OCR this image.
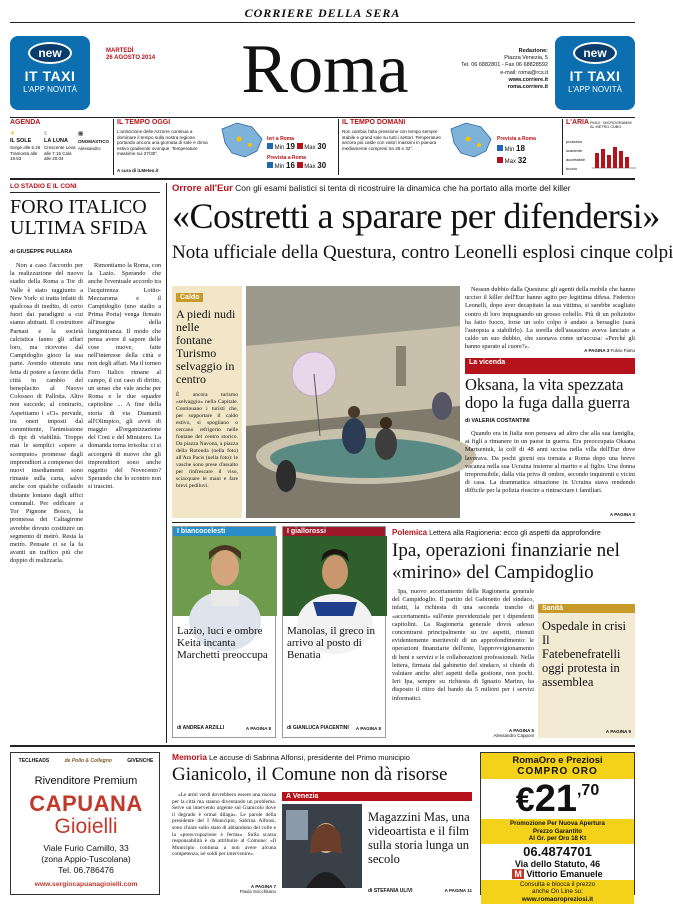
CORRIERE DELLA SERA
new
IT TAXI
L'APP NOVITÀ
new
IT TAXI
L'APP NOVITÀ
MARTEDÌ
26 AGOSTO 2014	Roma	Redazione:
Piazza Venezia, 5
Tel. 06 6882801 - Fax 06 68828592
e-mail: roma@rcs.it
www.corriere.it
roma.corriere.it
AGENDA
☀
IL SOLE
Sorge alle 6.26 Tramonta alle 19.53
☾
LA LUNA
Crescente Leva alle 7.16 Cala alle 20.04
▦
ONOMASTICO
Alessandro
IL TEMPO OGGI
L'anticiclone delle Azzorre continua a dominare il tempo sulla nostra regione portando ancora una giornata di sole e clima estivo gradevole ovunque. Temperature massime sui 27/30°.
A cura di iLMeteo.it
Ieri a Roma
Min 19 Max 30
Prevista a Roma
Min 16 Max 30
IL TEMPO DOMANI
Non cambia l'alta pressione con tempo sempre stabile e grand sole su tutti i settori. Temperature ancora più calde con valori massimi in pianura mediamente compresi tra 28 e 32°.
Prevista a Roma
Min 18
Max 32
L'ARIA PM10 · MICROGRAMMI AL METRO CUBO
prossimo scadente
accettabile
buono
LO STADIO E IL CONI
FORO ITALICO ULTIMA SFIDA
di GIUSEPPE PULLARA

Non a caso l'accordo per la realizzazione del nuovo stadio della Roma a Tor di Valle è stato raggiunto a New York: si tratta infatti di qualcosa di inedito, di certo fuori dai paradigmi a cui siamo abituati. Il costruttore Parnasi e la società calcistica fanno gli affari loro, ma ricevono dal Campidoglio gioco la sua parte. Avendo ottenuto una fetta di potere a favore della città in cambio del beneplacito al Nuovo Colosseo di Pallotta. Altro non succede; al contrario, Aspettiamo i «Ci» pervade, tra oneri imposti dal committente, l'ammissione di tipi di viabilità. Troppo mai le semplici «opere a scomputo» promesse dagli imprenditori a compenso dei nuovi insediamenti sono rimaste sulla carta, salvo anche con qualche collaudo distante lontano dagli uffici comunali. Per edificare a Tor Pignone Bosco, la promessa dei Caltagirone avrebbe dovuto costituire un segmento di metrò. Resta la metro. Pensate ci se la fa avanti un traffico più che doppio di realizzarla.

Rimontiamo la Roma, con la Lazio. Sperando che anche l'eventuale accordo tra l'acquirenza Lotito-Mezzaroma e il Campidoglio (uno stadio a Prima Porta) venga firmato all'insegna della lungimiranza. Il modo che pensa avere il sapore delle cose nuove, fatte nell'interesse della città e non degli affari. Ma il torneo Foro Italico rimane al campo, il cui caso di diritto, un senso che vale anche per Roma e le due squadre capitoline ... A fine della storia di via Diamanti all'Olimpico, gli avvii di maggio all'organizzazione del Coni e del Ministero. La domanda torna irrisolta: ci si accorgerà di nuovo che gli imprenditori sono anche oggetto del Novecento? Sperando che lo scontro non si trascini.

Orrore all'Eur Con gli esami balistici si tenta di ricostruire la dinamica che ha portato alla morte del killer
«Costretti a sparare per difendersi»
Nota ufficiale della Questura, contro Leonelli esplosi cinque colpi
Caldo
A piedi nudi nelle fontane Turismo selvaggio in centro
È ancora turismo «selvaggio» nella Capitale. Continuano i turisti che, per sopportare il caldo estivo, si spogliano o cercano refrigerio nelle fontane del centro storico. Da piazza Navona, a piazza della Rotonda (nella foto) all'Ara Pacis (nella foto): le vasche sono prese d'assalto per rinfrescare il viso, sciacquare le mani e fare brevi pediluvi.

Nessun dubbio dalla Questura: gli agenti della mobile che hanno ucciso il killer dell'Eur hanno agito per legittima difesa. Federico Leonelli, dopo aver decapitato la sua vittima, si sarebbe scagliato contro di loro impugnando un grosso coltello. Più di un poliziotto ha fatto fuoco, forse un solo colpo è andato a bersaglio (sarà l'autopsia a stabilirlo). La sorella dell'assassino aveva lanciato a caldo un suo dubbio, che suonava come un'accusa: «Perché gli hanno sparato al cuore?».

A PAGINA 3 Fulvio Fiano
La vicenda
Oksana, la vita spezzata dopo la fuga dalla guerra
di VALERIA COSTANTINI

Quando era in Italia non pensava ad altro che alla sua famiglia, ai figli a rimanere in un paese in guerra. Era preoccupata Oksana Martseniuk, la colf di 48 anni uccisa nella villa dell'Eur dove lavorava. Da pochi giorni era tornata a Roma dopo una breve vacanza nella sua Ucraina insieme al marito e al figlio. Una donna irreprensibile, dalla vita priva di ombre, secondo inquirenti e vicini di casa. La drammatica situazione in Ucraina stava rendendo difficile per la polizia riuscire a rintracciare i familiari.

A PAGINA 3
I biancocelesti
Lazio, luci e ombre Keita incanta Marchetti preoccupa
di ANDREA ARZILLI	A PAGINA 8
I giallorossi
Manolas, il greco in arrivo al posto di Benatia
di GIANLUCA PIACENTINI A PAGINA 8
Polemica Lettera alla Ragioneria: ecco gli aspetti da approfondire
Ipa, operazioni finanziarie nel «mirino» del Campidoglio

Ipa, nuovo accertamento della Ragioneria generale del Campidoglio. Il partito del Gabinetto del sindaco, infatti, la richiesta di una seconda tranche di «accertamenti» sull'ente previdenziale per i dipendenti capitolini. La Ragioneria generale dovrà adesso concentrarsi principalmente su tre aspetti, ritenuti evidentemente meritevoli di un approfondimento: le operazioni finanziarie dell'ente, l'approvvigionamento di beni e servizi e le collaborazioni professionali. Nella lettera, firmata dal gabinetto del sindaco, si chiede di valutare anche altri aspetti della gestione, non pochi. Ieri Ipa, sempre su richiesta di Ignazio Marino, ha disposto il ritiro del bando da 5 milioni per i servizi informatici.

A PAGINA 5
Alessandro Capponi
Sanità
Ospedale in crisi Il Fatebenefratelli oggi protesta in assemblea
A PAGINA 9
TECLHEADS	de Pollo & Collegno	GIVENCHE
Rivenditore Premium
CAPUANA
Gioielli
Viale Furio Camillo, 33
(zona Appio-Tuscolana)
Tel. 06.786476
www.sergiocapuanagioielli.com
Memoria Le accuse di Sabrina Alfonsi, presidente del Primo municipio
Gianicolo, il Comune non dà risorse

«Le armi verdi dovrebbero essere una risorsa per la città ma stanno diventando un problema. Serve un intervento urgente sul Gianicolo dove il degrado è ormai dilaga». Le parole della presidente del I Municipio, Sabrina Alfonsi, sono chiare sullo stato di abbandono del colle e la «preoccupazione è ferma». Sulla scarsa responsabilità è da attribuire al Comune: «Il Municipio continua a non avere alcuna competenza, né soldi per intervenire».

A PAGINA 7
Flavia Scicchitano
A Venezia
Magazzini Mas, una videoartista e il film sulla storia lunga un secolo
di STEFANIA ULIVI	A PAGINA 11
RomaOro e Preziosi
COMPRO ORO
€21,70
Promozione Per Nuova Apertura
Prezzo Garantito
Al Gr. per Oro 18 Kt
06.4874701
Via dello Statuto, 46
M Vittorio Emanuele
Consulta e blocca il prezzo
anche On Line su:
www.romaoropreziosi.it
